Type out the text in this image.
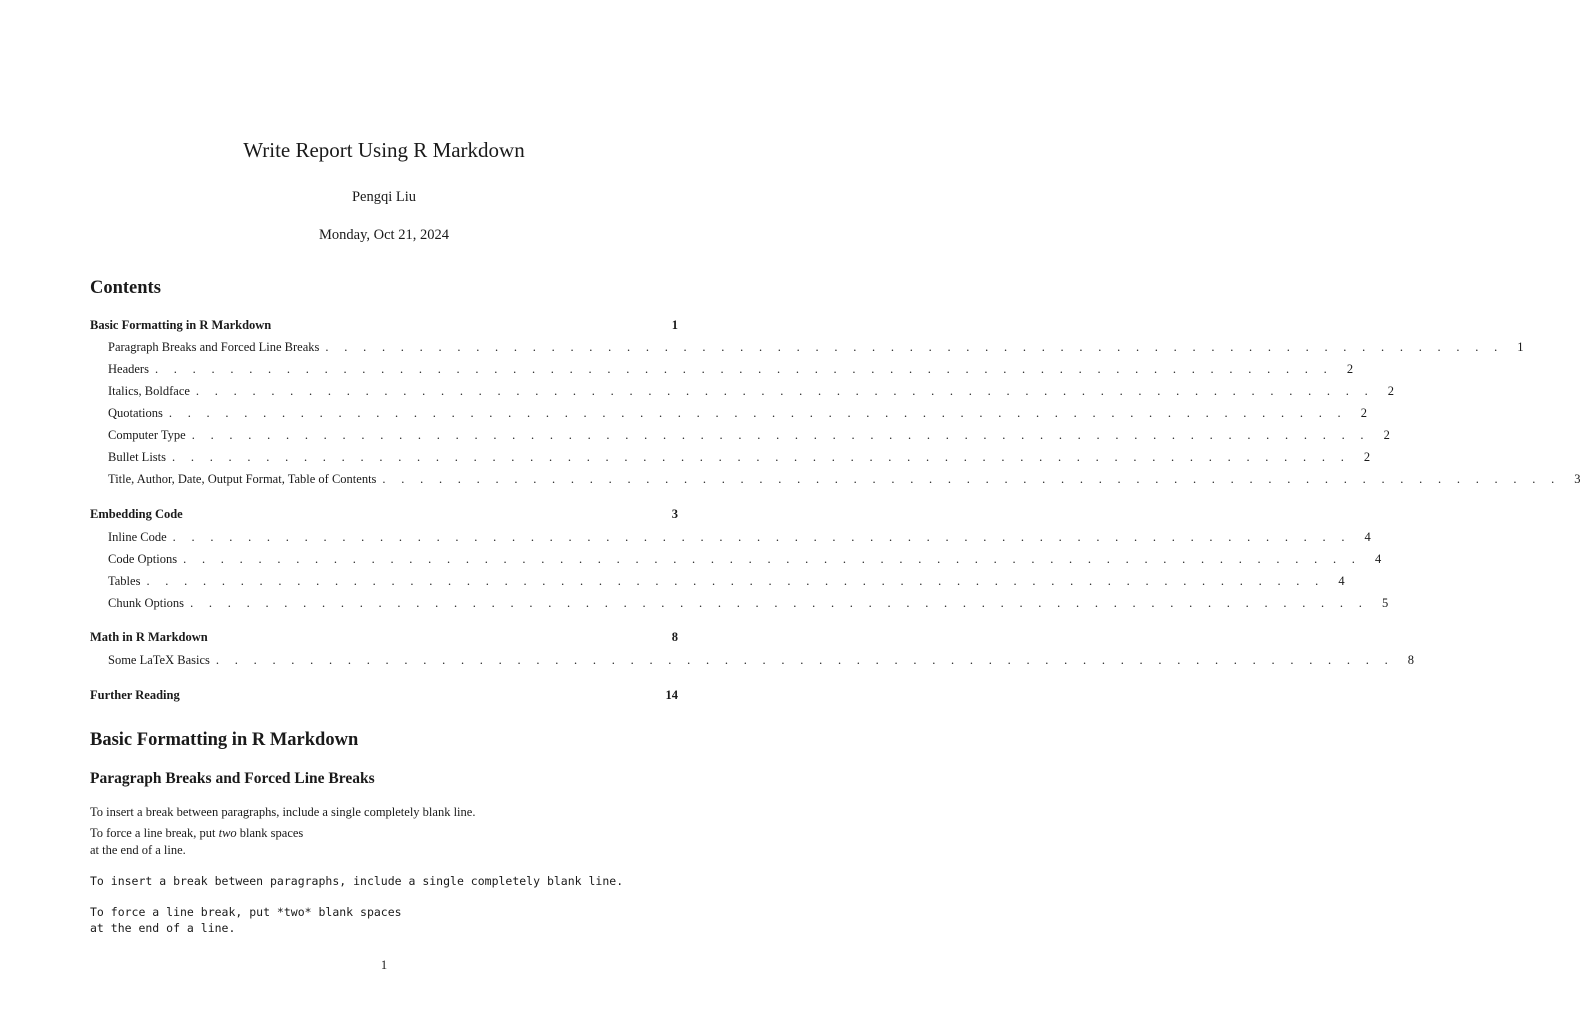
Write Report Using R Markdown
Pengqi Liu
Monday, Oct 21, 2024
Contents
Basic Formatting in R Markdown	1
Paragraph Breaks and Forced Line Breaks . . . . . . . . . . . . . . . . . . . . . . . . . . . . . . . . . . . . . . . . . . . . . . . . . . . . . . . . . . . . . . .	1
Headers . . . . . . . . . . . . . . . . . . . . . . . . . . . . . . . . . . . . . . . . . . . . . . . . . . . . . . . . . . . . . . .	2
Italics, Boldface . . . . . . . . . . . . . . . . . . . . . . . . . . . . . . . . . . . . . . . . . . . . . . . . . . . . . . . . . . . . . . .	2
Quotations . . . . . . . . . . . . . . . . . . . . . . . . . . . . . . . . . . . . . . . . . . . . . . . . . . . . . . . . . . . . . . .	2
Computer Type . . . . . . . . . . . . . . . . . . . . . . . . . . . . . . . . . . . . . . . . . . . . . . . . . . . . . . . . . . . . . . .	2
Bullet Lists . . . . . . . . . . . . . . . . . . . . . . . . . . . . . . . . . . . . . . . . . . . . . . . . . . . . . . . . . . . . . . .	2
Title, Author, Date, Output Format, Table of Contents . . . . . . . . . . . . . . . . . . . . . . . . . . . . . . . . . . . . . . . . . . . . . . . . . . . . . . . . . . . . . . .	3
Embedding Code	3
Inline Code . . . . . . . . . . . . . . . . . . . . . . . . . . . . . . . . . . . . . . . . . . . . . . . . . . . . . . . . . . . . . . .	4
Code Options . . . . . . . . . . . . . . . . . . . . . . . . . . . . . . . . . . . . . . . . . . . . . . . . . . . . . . . . . . . . . . .	4
Tables . . . . . . . . . . . . . . . . . . . . . . . . . . . . . . . . . . . . . . . . . . . . . . . . . . . . . . . . . . . . . . .	4
Chunk Options . . . . . . . . . . . . . . . . . . . . . . . . . . . . . . . . . . . . . . . . . . . . . . . . . . . . . . . . . . . . . . .	5
Math in R Markdown	8
Some LaTeX Basics . . . . . . . . . . . . . . . . . . . . . . . . . . . . . . . . . . . . . . . . . . . . . . . . . . . . . . . . . . . . . . .	8
Further Reading	14
Basic Formatting in R Markdown
Paragraph Breaks and Forced Line Breaks
To insert a break between paragraphs, include a single completely blank line.
To force a line break, put two blank spaces
at the end of a line.
To insert a break between paragraphs, include a single completely blank line.
To force a line break, put *two* blank spaces
at the end of a line.
1
